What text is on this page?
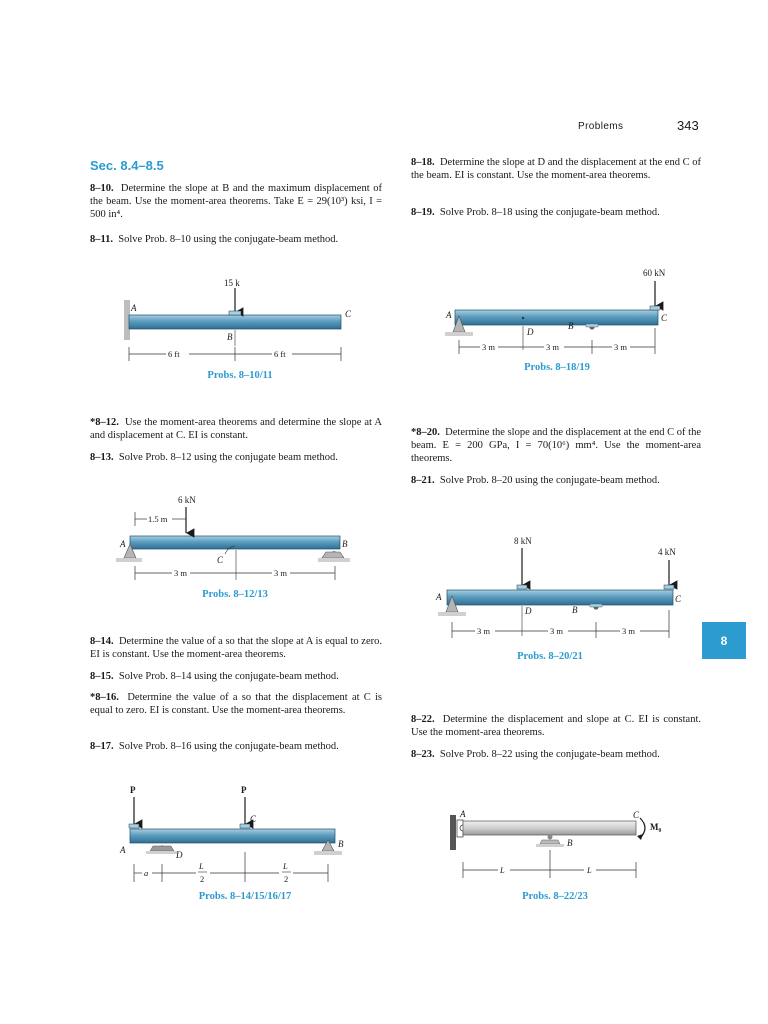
Problems	343
8
Sec. 8.4–8.5
8–10. Determine the slope at B and the maximum displacement of the beam. Use the moment-area theorems. Take E = 29(10³) ksi, I = 500 in⁴.
8–11. Solve Prob. 8–10 using the conjugate-beam method.
*8–12. Use the moment-area theorems and determine the slope at A and displacement at C. EI is constant.
8–13. Solve Prob. 8–12 using the conjugate beam method.
8–14. Determine the value of a so that the slope at A is equal to zero. EI is constant. Use the moment-area theorems.
8–15. Solve Prob. 8–14 using the conjugate-beam method.
*8–16. Determine the value of a so that the displacement at C is equal to zero. EI is constant. Use the moment-area theorems.
8–17. Solve Prob. 8–16 using the conjugate-beam method.
8–18. Determine the slope at D and the displacement at the end C of the beam. EI is constant. Use the moment-area theorems.
8–19. Solve Prob. 8–18 using the conjugate-beam method.
*8–20. Determine the slope and the displacement at the end C of the beam. E = 200 GPa, I = 70(10⁶) mm⁴. Use the moment-area theorems.
8–21. Solve Prob. 8–20 using the conjugate-beam method.
8–22. Determine the displacement and slope at C. EI is constant. Use the moment-area theorems.
8–23. Solve Prob. 8–22 using the conjugate-beam method.
15 k
A
B
C
6 ft	6 ft
6 kN
1.5 m
A	B
C
3 m	3 m
P	P
C
A	D
B
a
L
2
L
2
A
B
D
60 kN
C
3 m	3 m	3 m
A
8 kN
4 kN
C
D	B
3 m	3 m	3 m
A	C
M₀
B
L	L
Probs. 8–10/11
Probs. 8–12/13
Probs. 8–14/15/16/17
Probs. 8–18/19
Probs. 8–20/21
Probs. 8–22/23
